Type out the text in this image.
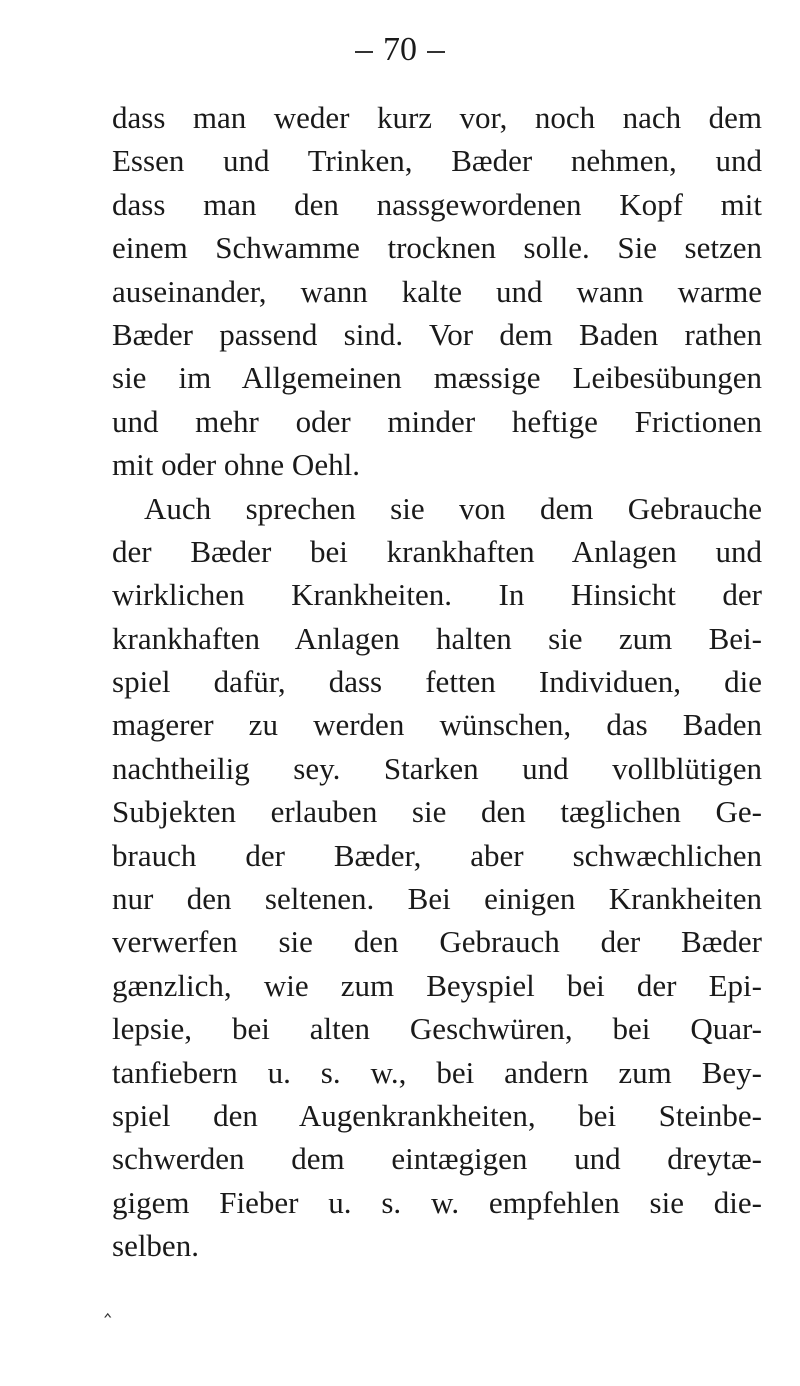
70
dass man weder kurz vor, noch nach dem
Essen und Trinken, Bæder nehmen, und
dass man den nassgewordenen Kopf mit
einem Schwamme trocknen solle. Sie setzen
auseinander, wann kalte und wann warme
Bæder passend sind. Vor dem Baden rathen
sie im Allgemeinen mæssige Leibesübungen
und mehr oder minder heftige Frictionen
mit oder ohne Oehl.
Auch sprechen sie von dem Gebrauche
der Bæder bei krankhaften Anlagen und
wirklichen Krankheiten. In Hinsicht der
krankhaften Anlagen halten sie zum Bei-
spiel dafür, dass fetten Individuen, die
magerer zu werden wünschen, das Baden
nachtheilig sey. Starken und vollblütigen
Subjekten erlauben sie den tæglichen Ge-
brauch der Bæder, aber schwæchlichen
nur den seltenen. Bei einigen Krankheiten
verwerfen sie den Gebrauch der Bæder
gænzlich, wie zum Beyspiel bei der Epi-
lepsie, bei alten Geschwüren, bei Quar-
tanfiebern u. s. w., bei andern zum Bey-
spiel den Augenkrankheiten, bei Steinbe-
schwerden dem eintægigen und dreytæ-
gigem Fieber u. s. w. empfehlen sie die-
selben.
‸
